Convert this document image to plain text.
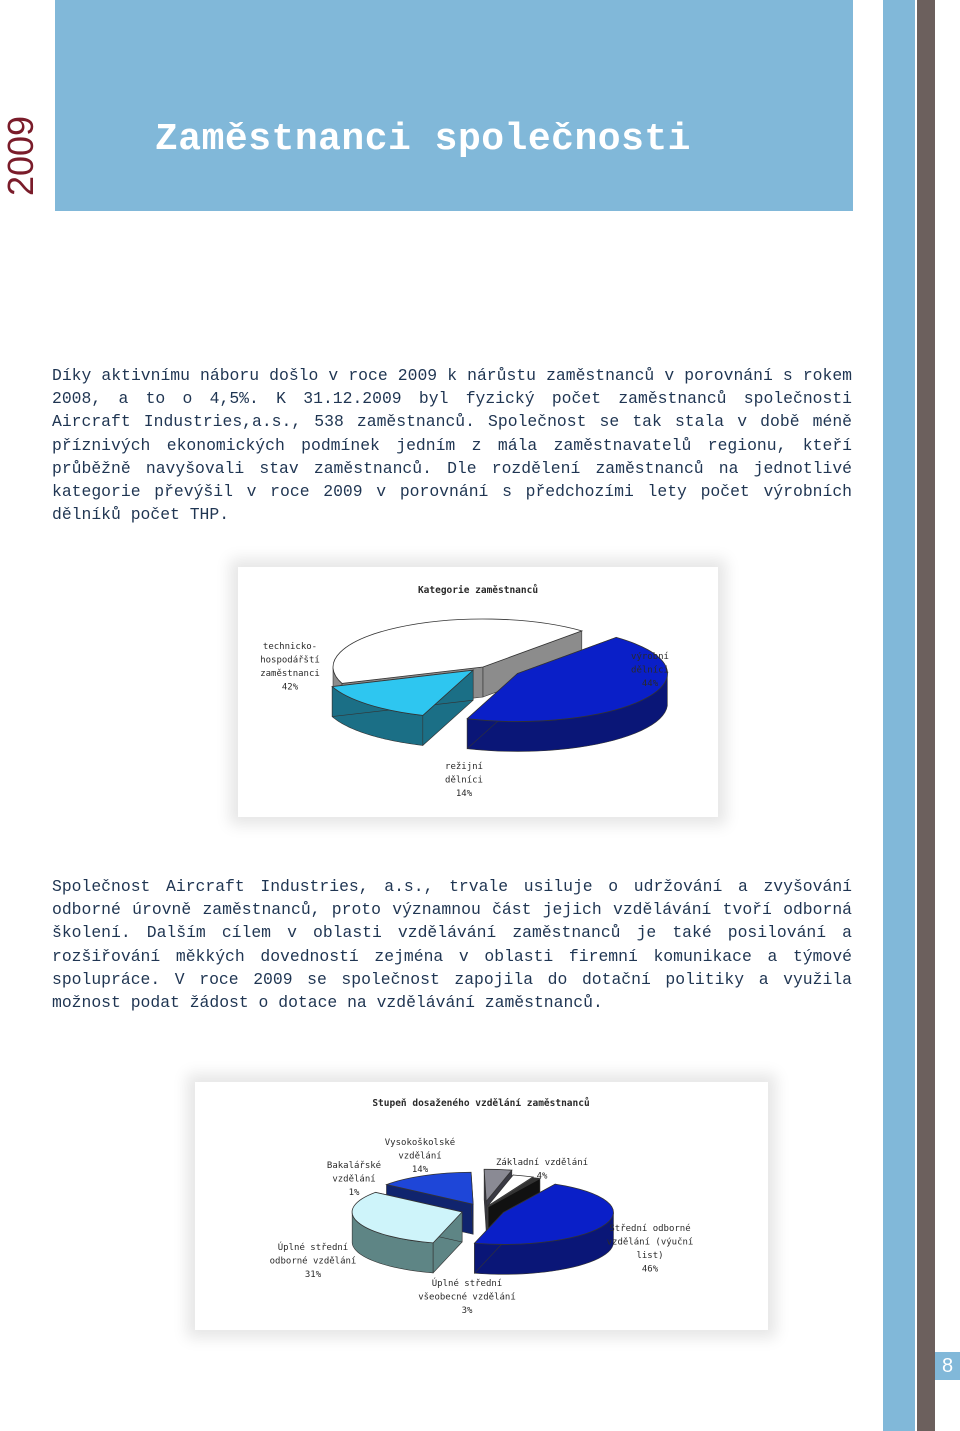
Zaměstnanci společnosti
2009
8

Díky aktivnímu náboru došlo v roce 2009 k nárůstu zaměstnanců v porovnání s rokem 2008, a to o 4,5%. K 31.12.2009 byl fyzický počet zaměstnanců společnosti Aircraft Industries,a.s., 538 zaměstnanců. Společnost se tak stala v době méně příznivých ekonomických podmínek jedním z mála zaměstnavatelů regionu, kteří průběžně navyšovali stav zaměstnanců. Dle rozdělení zaměstnanců na jednotlivé kategorie převýšil v roce 2009 v porovnání s předchozími lety počet výrobních dělníků počet THP.

Kategorie zaměstnanců
technicko-hospodářští zaměstnanci 42%
výrobní dělníci 44%
režijní dělníci 14%

Společnost Aircraft Industries, a.s., trvale usiluje o udržování a zvyšování odborné úrovně zaměstnanců, proto významnou část jejich vzdělávání tvoří odborná školení. Dalším cílem v oblasti vzdělávání zaměstnanců je také posilování a rozšiřování měkkých dovedností zejména v oblasti firemní komunikace a týmové spolupráce. V roce 2009 se společnost zapojila do dotační politiky a využila možnost podat žádost o dotace na vzdělávání zaměstnanců.

Stupeň dosaženého vzdělání zaměstnanců
Střední odborné vzdělání (výuční list) 46%
Úplné střední odborné vzdělání 31%
Vysokoškolské vzdělání 14%
Základní vzdělání 4%
Úplné střední všeobecné vzdělání 3%
Bakalářské vzdělání 1%
